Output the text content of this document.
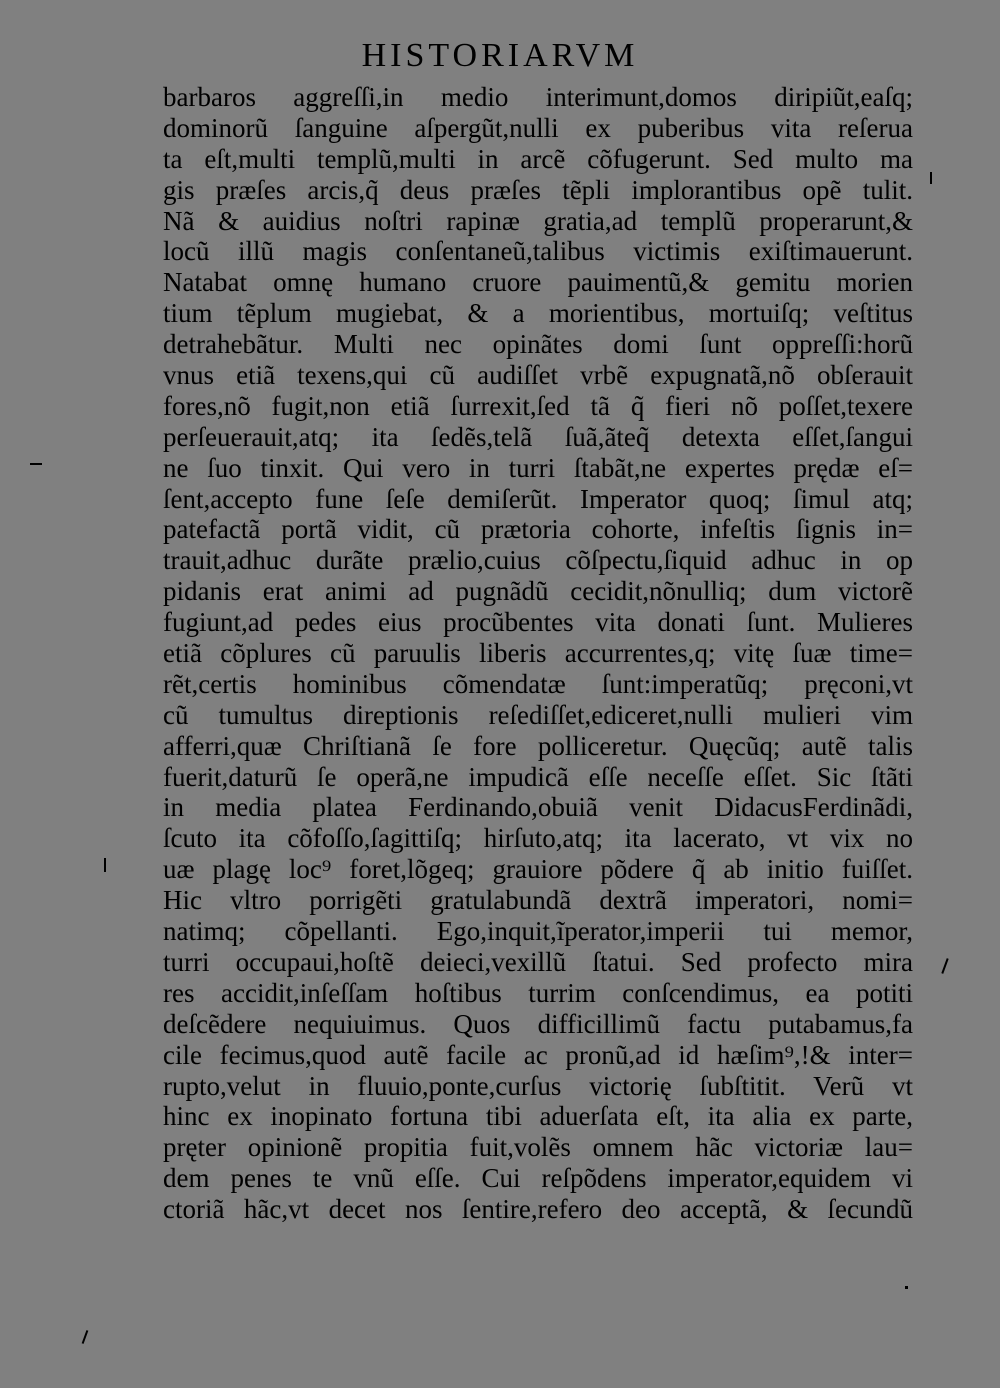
HISTORIARVM
barbaros aggreſſi,in medio interimunt,domos diripiũt,eaſq;
dominorũ ſanguine aſpergũt,nulli ex puberibus vita reſerua
ta eſt,multi templũ,multi in arcẽ cõfugerunt. Sed multo ma
gis præſes arcis,q̃ deus præſes tẽpli implorantibus opẽ tulit.
Nã & auidius noſtri rapinæ gratia,ad templũ properarunt,&
locũ illũ magis conſentaneũ,talibus victimis exiſtimauerunt.
Natabat omnę humano cruore pauimentũ,& gemitu morien
tium tẽplum mugiebat, & a morientibus, mortuiſq; veſtitus
detrahebãtur. Multi nec opinãtes domi ſunt oppreſſi:horũ
vnus etiã texens,qui cũ audiſſet vrbẽ expugnatã,nõ obſerauit
fores,nõ fugit,non etiã ſurrexit,ſed tã q̃ fieri nõ poſſet,texere
perſeuerauit,atq; ita ſedẽs,telã ſuã,ãteq̃ detexta eſſet,ſangui
ne ſuo tinxit. Qui vero in turri ſtabãt,ne expertes prędæ eſ=
ſent,accepto fune ſeſe demiſerũt. Imperator quoq; ſimul atq;
patefactã portã vidit, cũ prætoria cohorte, infeſtis ſignis in=
trauit,adhuc durãte prælio,cuius cõſpectu,ſiquid adhuc in op
pidanis erat animi ad pugnãdũ cecidit,nõnulliq; dum victorẽ
fugiunt,ad pedes eius procũbentes vita donati ſunt. Mulieres
etiã cõplures cũ paruulis liberis accurrentes,q; vitę ſuæ time=
rẽt,certis hominibus cõmendatæ ſunt:imperatũq; pręconi,vt
cũ tumultus direptionis reſediſſet,ediceret,nulli mulieri vim
afferri,quæ Chriſtianã ſe fore polliceretur. Quęcũq; autẽ talis
fuerit,daturũ ſe operã,ne impudicã eſſe neceſſe eſſet. Sic ſtãti
in media platea Ferdinando,obuiã venit DidacusFerdinãdi,
ſcuto ita cõfoſſo,ſagittiſq; hirſuto,atq; ita lacerato, vt vix no
uæ plagę loc⁹ foret,lõgeq; grauiore põdere q̃ ab initio fuiſſet.
Hic vltro porrigẽti gratulabundã dextrã imperatori, nomi=
natimq; cõpellanti. Ego,inquit,ĩperator,imperii tui memor,
turri occupaui,hoſtẽ deieci,vexillũ ſtatui. Sed profecto mira
res accidit,inſeſſam hoſtibus turrim conſcendimus, ea potiti
deſcẽdere nequiuimus. Quos difficillimũ factu putabamus,fa
cile fecimus,quod autẽ facile ac pronũ,ad id hæſim⁹,!& inter=
rupto,velut in fluuio,ponte,curſus victorię ſubſtitit. Verũ vt
hinc ex inopinato fortuna tibi aduerſata eſt, ita alia ex parte,
pręter opinionẽ propitia fuit,volẽs omnem hãc victoriæ lau=
dem penes te vnũ eſſe. Cui reſpõdens imperator,equidem vi
ctoriã hãc,vt decet nos ſentire,refero deo acceptã, & ſecundũ
